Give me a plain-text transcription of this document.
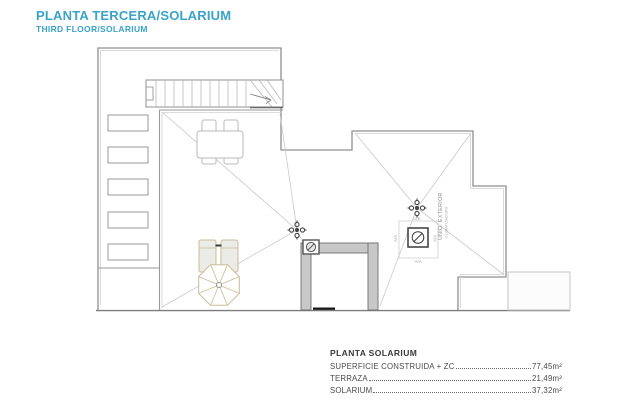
PLANTA TERCERA/SOLARIUM
THIRD FLOOR/SOLARIUM
U/E
A/A	A/A
A/A
UNID. EXTERIOR CLIMATIZADORA
PLANTA SOLARIUM
SUPERFICIE CONSTRUIDA + ZC	77,45m²
TERRAZA	21,49m²
SOLARIUM	37,32m²
